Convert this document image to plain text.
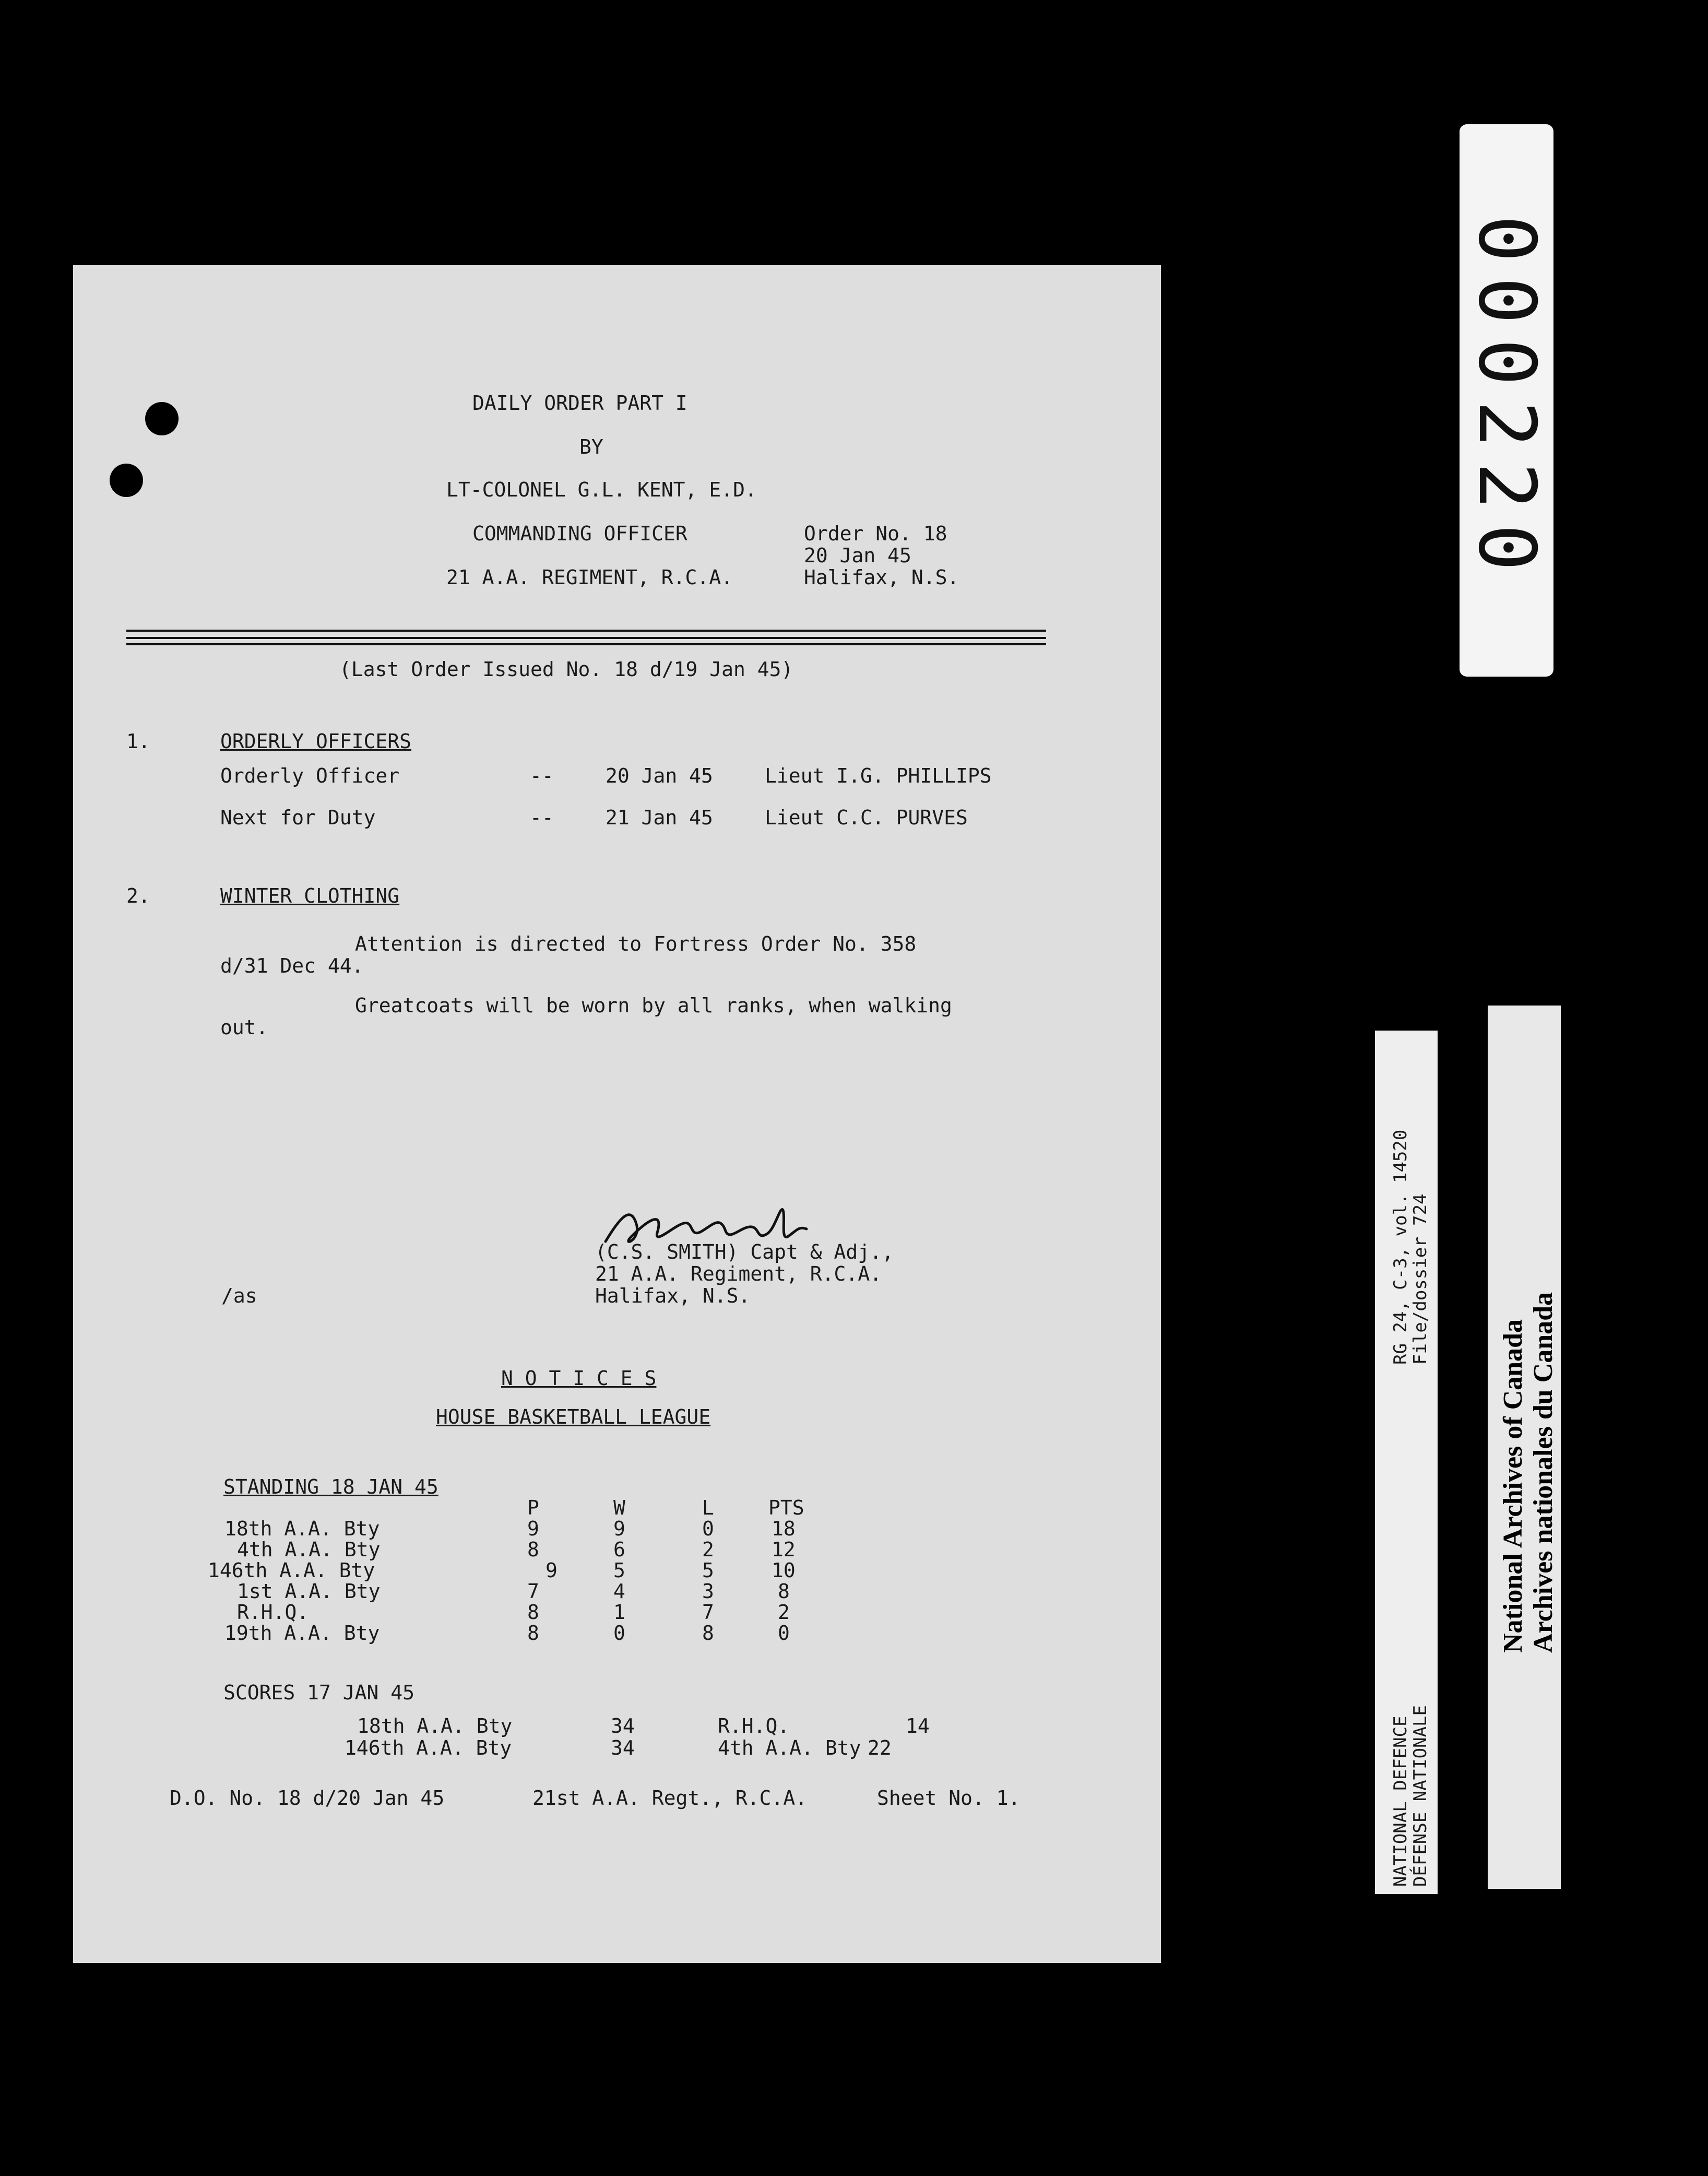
DAILY ORDER PART I
BY
LT-COLONEL G.L. KENT, E.D.
COMMANDING OFFICER
21 A.A. REGIMENT, R.C.A.
Order No. 18
20 Jan 45
Halifax, N.S.
(Last Order Issued No. 18 d/19 Jan 45)
1.	ORDERLY OFFICERS
Orderly Officer	--	20 Jan 45	Lieut I.G. PHILLIPS
Next for Duty	--	21 Jan 45	Lieut C.C. PURVES
2.	WINTER CLOTHING
Attention is directed to Fortress Order No. 358
d/31 Dec 44.
Greatcoats will be worn by all ranks, when walking
out.
(C.S. SMITH) Capt & Adj.,
21 A.A. Regiment, R.C.A.
Halifax, N.S.
/as
N O T I C E S
HOUSE BASKETBALL LEAGUE
STANDING 18 JAN 45
P	W	L	PTS
18th A.A. Bty	9	9	0	18
4th A.A. Bty	8	6	2	12
146th A.A. Bty	9	5	5	10
1st A.A. Bty	7	4	3	8
R.H.Q.	8	1	7	2
19th A.A. Bty	8	0	8	0
SCORES 17 JAN 45
18th A.A. Bty	34	R.H.Q.	14
146th A.A. Bty	34	4th A.A. Bty 22
D.O. No. 18 d/20 Jan 45	21st A.A. Regt., R.C.A.	Sheet No. 1.
000220
RG 24, C-3, vol. 14520
File/dossier 724
NATIONAL DEFENCE
DÉFENSE NATIONALE
National Archives of Canada Archives nationales du Canada
